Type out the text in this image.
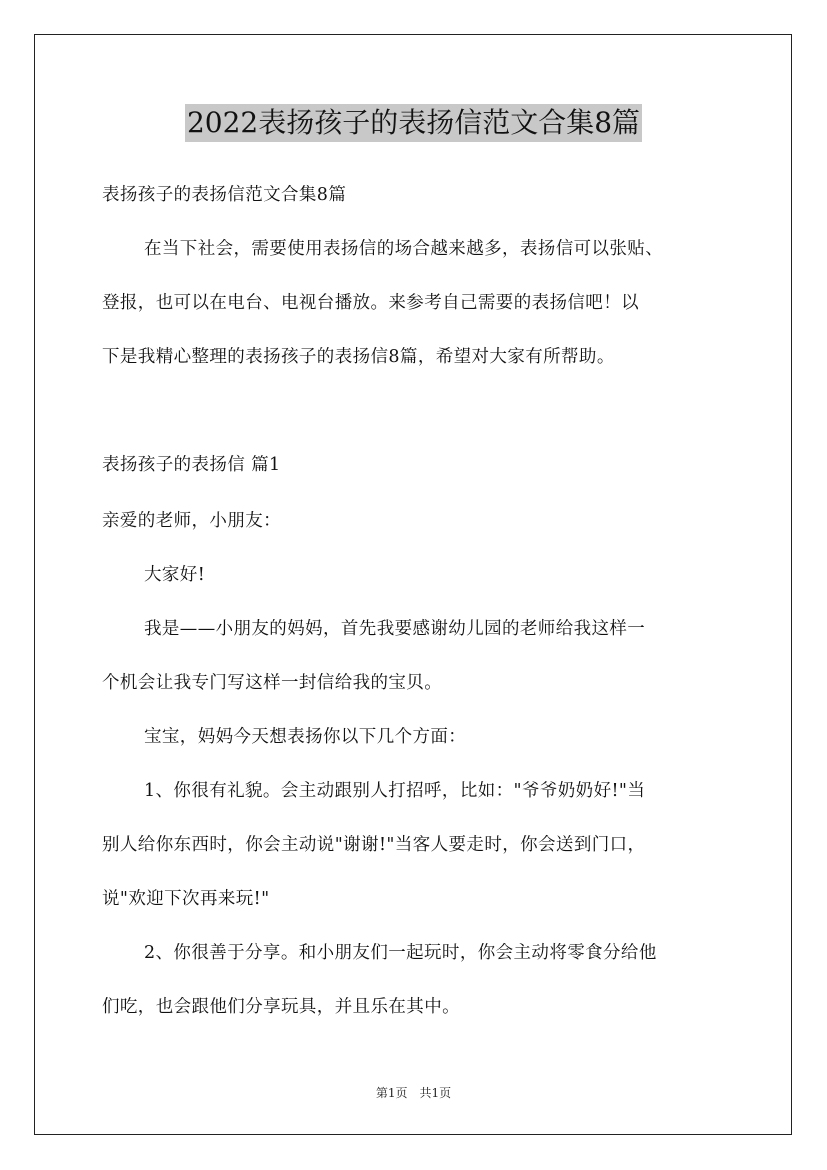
2022表扬孩子的表扬信范文合集8篇
表扬孩子的表扬信范文合集8篇
在当下社会，需要使用表扬信的场合越来越多，表扬信可以张贴、
登报，也可以在电台、电视台播放。来参考自己需要的表扬信吧！以
下是我精心整理的表扬孩子的表扬信8篇，希望对大家有所帮助。
表扬孩子的表扬信 篇1
亲爱的老师，小朋友：
大家好!
我是——小朋友的妈妈，首先我要感谢幼儿园的老师给我这样一
个机会让我专门写这样一封信给我的宝贝。
宝宝，妈妈今天想表扬你以下几个方面：
1、你很有礼貌。会主动跟别人打招呼，比如："爷爷奶奶好!"当
别人给你东西时，你会主动说"谢谢!"当客人要走时，你会送到门口，
说"欢迎下次再来玩!"
2、你很善于分享。和小朋友们一起玩时，你会主动将零食分给他
们吃，也会跟他们分享玩具，并且乐在其中。
第1页　共1页
